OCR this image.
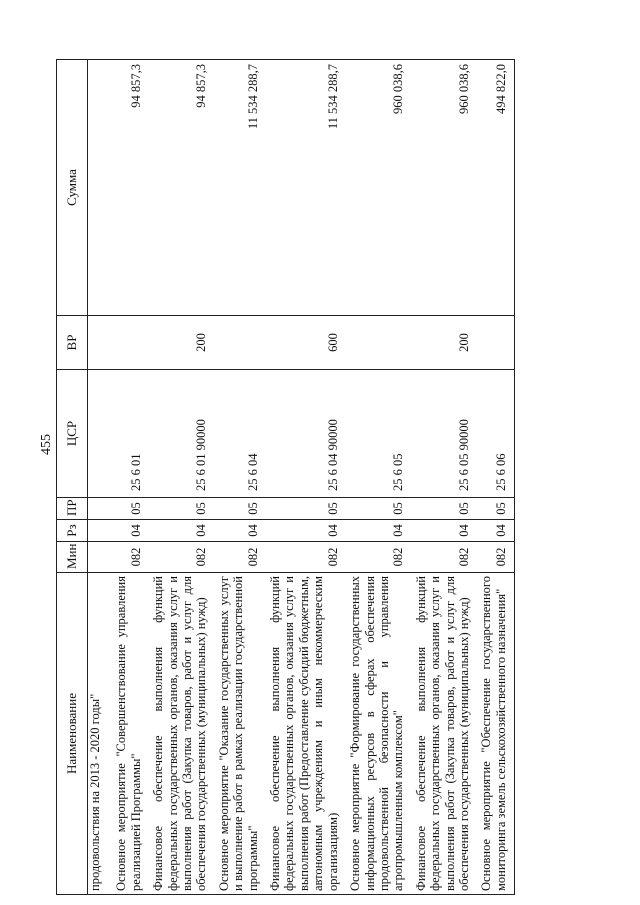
455
Наименование	Мин	Рз	ПР	ЦСР	ВР	Сумма
продовольствия на 2013 - 2020 годы"						
Основное мероприятие "Совершенствование управления реализацией Программы"	082	04	05	25 6 01		94 857,3
Финансовое обеспечение выполнения функций федеральных государственных органов, оказания услуг и выполнения работ (Закупка товаров, работ и услуг для обеспечения государственных (муниципальных) нужд)	082	04	05	25 6 01 90000	200	94 857,3
Основное мероприятие "Оказание государственных услуг и выполнение работ в рамках реализации государственной программы"	082	04	05	25 6 04		11 534 288,7
Финансовое обеспечение выполнения функций федеральных государственных органов, оказания услуг и выполнения работ (Предоставление субсидий бюджетным, автономным учреждениям и иным некоммерческим организациям)	082	04	05	25 6 04 90000	600	11 534 288,7
Основное мероприятие "Формирование государственных информационных ресурсов в сферах обеспечения продовольственной безопасности и управления агропромышленным комплексом"	082	04	05	25 6 05		960 038,6
Финансовое обеспечение выполнения функций федеральных государственных органов, оказания услуг и выполнения работ (Закупка товаров, работ и услуг для обеспечения государственных (муниципальных) нужд)	082	04	05	25 6 05 90000	200	960 038,6
Основное мероприятие "Обеспечение государственного мониторинга земель сельскохозяйственного назначения"	082	04	05	25 6 06		494 822,0
